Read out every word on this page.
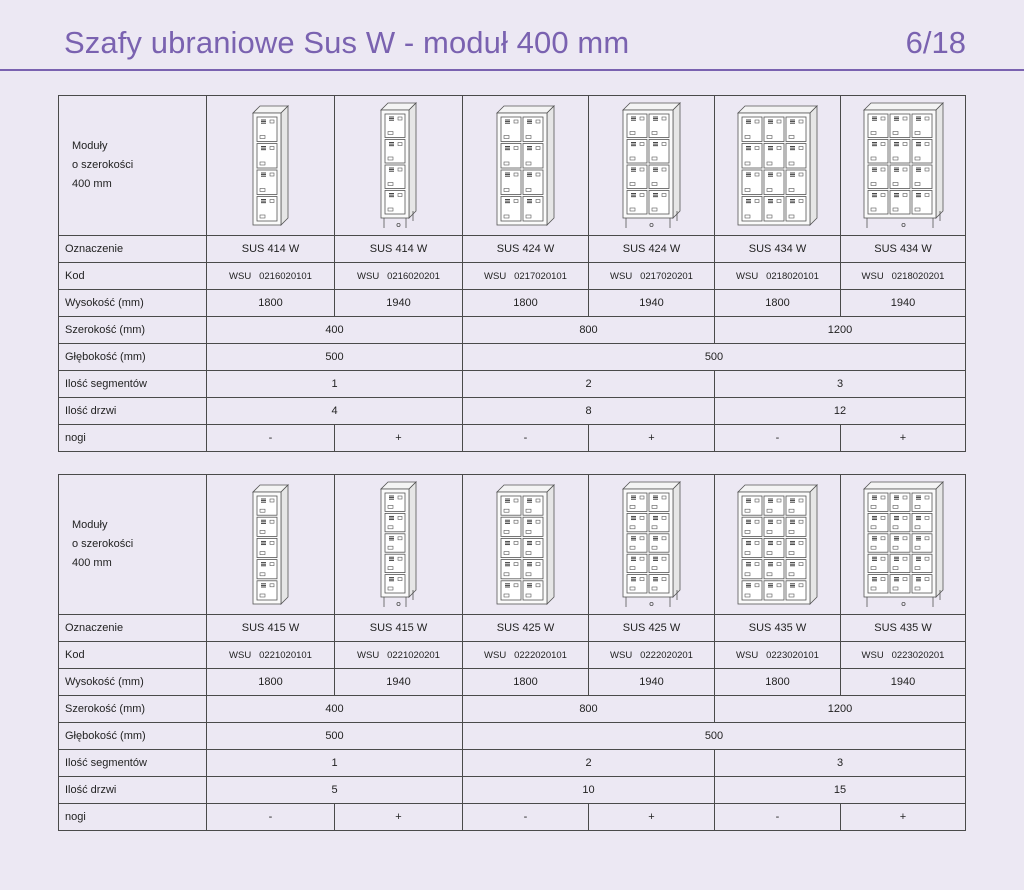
Szafy ubraniowe Sus W - moduł 400 mm	6/18
Moduły
o szerokości
400 mm

Oznaczenie	SUS 414 W	SUS 414 W	SUS 424 W	SUS 424 W	SUS 434 W	SUS 434 W
Kod	WSU   0216020101	WSU   0216020201	WSU   0217020101	WSU   0217020201	WSU   0218020101	WSU   0218020201
Wysokość (mm)	1800	1940	1800	1940	1800	1940
Szerokość (mm)	400		800		1200	
Głębokość (mm)	500		500			
Ilość segmentów	1		2		3	
Ilość drzwi	4		8		12	
nogi	-	+	-	+	-	+
Moduły
o szerokości
400 mm

Oznaczenie	SUS 415 W	SUS 415 W	SUS 425 W	SUS 425 W	SUS 435 W	SUS 435 W
Kod	WSU   0221020101	WSU   0221020201	WSU   0222020101	WSU   0222020201	WSU   0223020101	WSU   0223020201
Wysokość (mm)	1800	1940	1800	1940	1800	1940
Szerokość (mm)	400		800		1200	
Głębokość (mm)	500		500			
Ilość segmentów	1		2		3	
Ilość drzwi	5		10		15	
nogi	-	+	-	+	-	+
